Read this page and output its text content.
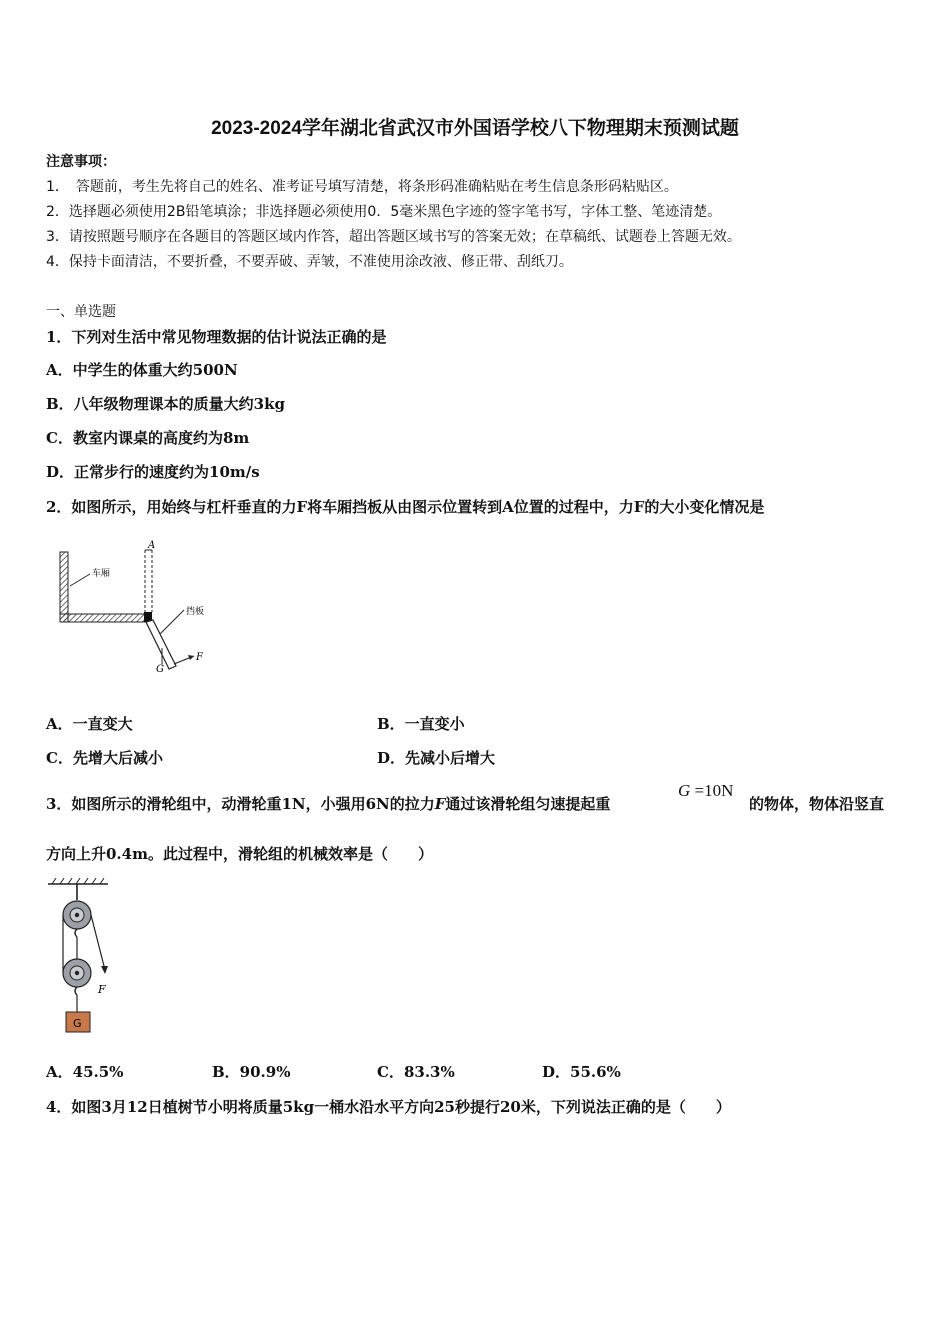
2023-2024学年湖北省武汉市外国语学校八下物理期末预测试题
注意事项：
1．　答题前，考生先将自己的姓名、准考证号填写清楚，将条形码准确粘贴在考生信息条形码粘贴区。
2．选择题必须使用2B铅笔填涂；非选择题必须使用0．5毫米黑色字迹的签字笔书写，字体工整、笔迹清楚。
3．请按照题号顺序在各题目的答题区域内作答，超出答题区域书写的答案无效；在草稿纸、试题卷上答题无效。
4．保持卡面清洁，不要折叠，不要弄破、弄皱，不准使用涂改液、修正带、刮纸刀。
一、单选题
1．下列对生活中常见物理数据的估计说法正确的是
A．中学生的体重大约500N
B．八年级物理课本的质量大约3kg
C．教室内课桌的高度约为8m
D．正常步行的速度约为10m/s
2．如图所示，用始终与杠杆垂直的力F将车厢挡板从由图示位置转到A位置的过程中，力F的大小变化情况是
A
车厢
挡板
G
F
A．一直变大	B．一直变小
C．先增大后减小	D．先减小后增大
3．如图所示的滑轮组中，动滑轮重1N，小强用6N的拉力F通过该滑轮组匀速提起重
G =10N
的物体，物体沿竖直
方向上升0.4m。此过程中，滑轮组的机械效率是（　　）
G
F
A．45.5%	B．90.9%	C．83.3%	D．55.6%
4．如图3月12日植树节小明将质量5kg一桶水沿水平方向25秒提行20米，下列说法正确的是（　　）
